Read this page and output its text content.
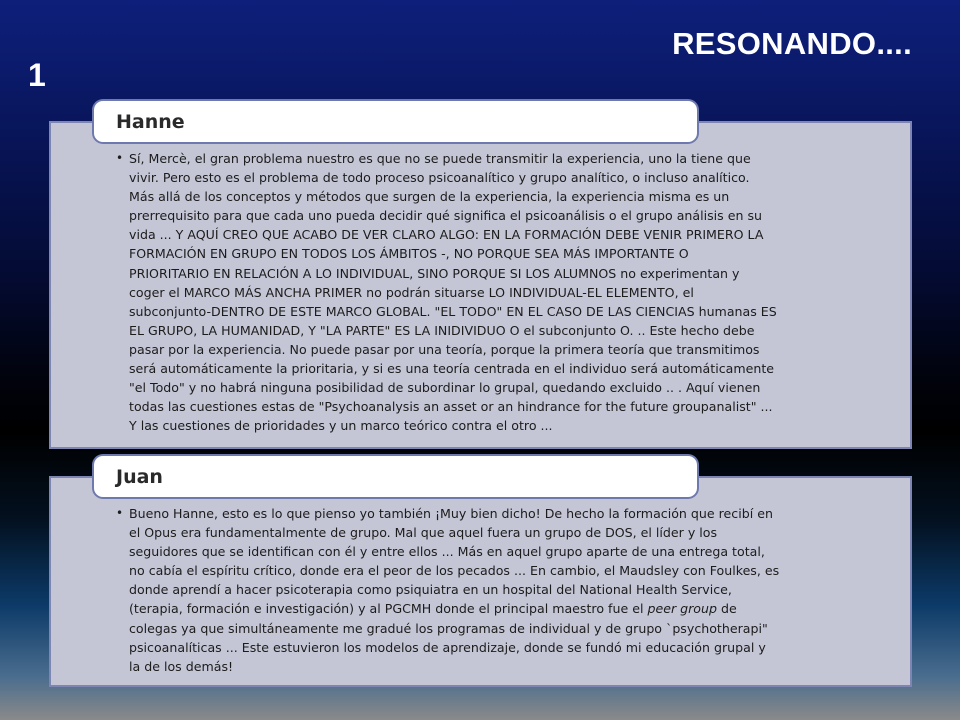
1
RESONANDO....
Hanne

• Sí, Mercè, el gran problema nuestro es que no se puede transmitir la experiencia, uno la tiene que
vivir. Pero esto es el problema de todo proceso psicoanalítico y grupo analítico, o incluso analítico.
Más allá de los conceptos y métodos que surgen de la experiencia, la experiencia misma es un
prerrequisito para que cada uno pueda decidir qué significa el psicoanálisis o el grupo análisis en su
vida ... Y AQUÍ CREO QUE ACABO DE VER CLARO ALGO: EN LA FORMACIÓN DEBE VENIR PRIMERO LA
FORMACIÓN EN GRUPO EN TODOS LOS ÁMBITOS -, NO PORQUE SEA MÁS IMPORTANTE O
PRIORITARIO EN RELACIÓN A LO INDIVIDUAL, SINO PORQUE SI LOS ALUMNOS no experimentan y
coger el MARCO MÁS ANCHA PRIMER no podrán situarse LO INDIVIDUAL-EL ELEMENTO, el
subconjunto-DENTRO DE ESTE MARCO GLOBAL. "EL TODO" EN EL CASO DE LAS CIENCIAS humanas ES
EL GRUPO, LA HUMANIDAD, Y "LA PARTE" ES LA INIDIVIDUO O el subconjunto O. .. Este hecho debe
pasar por la experiencia. No puede pasar por una teoría, porque la primera teoría que transmitimos
será automáticamente la prioritaria, y si es una teoría centrada en el individuo será automáticamente
"el Todo" y no habrá ninguna posibilidad de subordinar lo grupal, quedando excluido .. . Aquí vienen
todas las cuestiones estas de "Psychoanalysis an asset or an hindrance for the future groupanalist" ...
Y las cuestiones de prioridades y un marco teórico contra el otro ...

Juan

• Bueno Hanne, esto es lo que pienso yo también ¡Muy bien dicho! De hecho la formación que recibí en
el Opus era fundamentalmente de grupo. Mal que aquel fuera un grupo de DOS, el líder y los
seguidores que se identifican con él y entre ellos ... Más en aquel grupo aparte de una entrega total,
no cabía el espíritu crítico, donde era el peor de los pecados ... En cambio, el Maudsley con Foulkes, es
donde aprendí a hacer psicoterapia como psiquiatra en un hospital del National Health Service,
(terapia, formación e investigación) y al PGCMH donde el principal maestro fue el peer group de
colegas ya que simultáneamente me gradué los programas de individual y de grupo `psychotherapi"
psicoanalíticas ... Este estuvieron los modelos de aprendizaje, donde se fundó mi educación grupal y
la de los demás!
